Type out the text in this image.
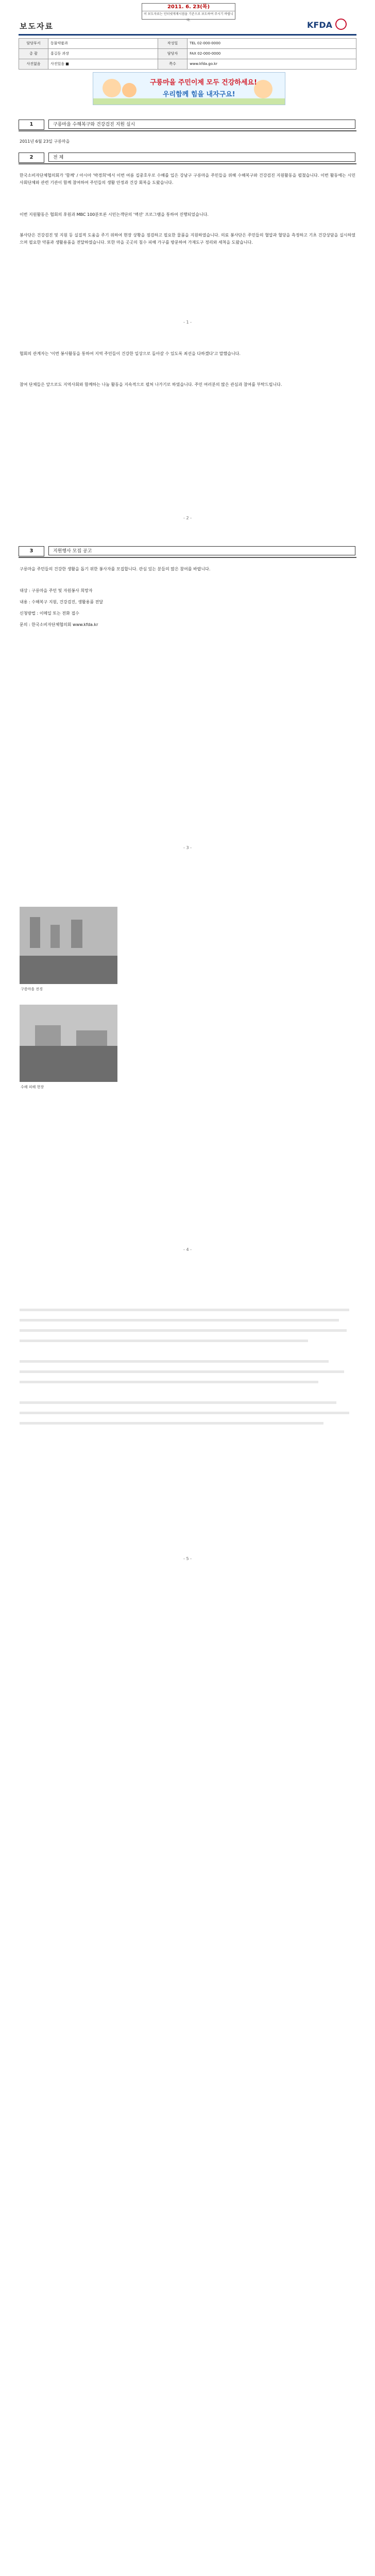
2011. 6. 23(목)
이 보도자료는 인터넷게재시점을 기준으로 보도하여 주시기 바랍니다.
보도자료	KFDA
담당부서	동물약품과	작성일	TEL 02-000-0000
총 괄	홍길동 과장	담당자	FAX 02-000-0000
사진없음	사진있음 ■	쪽수	www.kfda.go.kr
구릉마을 주민이제 모두 건강하세요!
우리함께 힘을 내자구요!
1	구릉마을 수해복구와 건강검진 지원 실시

2011년 6월 23일 구릉마을

2	전 체

한국소비자단체협의회가 '함께' / 아시아 '박경희'에서 이번 여름 집중호우로 수해를 입은 강남구 구릉마을 주민들을 위해 수해복구와 건강검진 지원활동을 펼쳤습니다. 이번 활동에는 시민사회단체와 관련 기관이 함께 참여하여 주민들의 생활 안정과 건강 회복을 도왔습니다.

이번 지원활동은 협회의 후원과 MBC 100분토론 시민논객단의 '액션' 프로그램을 통하여 진행되었습니다.

봉사단은 건강검진 및 지원 등 실질적 도움을 주기 위하여 현장 상황을 점검하고 필요한 물품을 지원하였습니다. 의료 봉사단은 주민들의 혈압과 혈당을 측정하고 기초 건강상담을 실시하였으며 필요한 약품과 생활용품을 전달하였습니다. 또한 마을 곳곳의 침수 피해 가구를 방문하여 가재도구 정리와 세척을 도왔습니다.

- 1 -

협회의 관계자는 '이번 봉사활동을 통하여 지역 주민들이 건강한 일상으로 돌아갈 수 있도록 최선을 다하겠다'고 말했습니다.

참여 단체들은 앞으로도 지역사회와 함께하는 나눔 활동을 지속적으로 펼쳐 나가기로 하였습니다. 주민 여러분의 많은 관심과 참여를 부탁드립니다.

- 2 -
3	지원행사 모집 공고

구릉마을 주민들의 건강한 생활을 돕기 위한 봉사자를 모집합니다. 관심 있는 분들의 많은 참여를 바랍니다.

대상 : 구릉마을 주민 및 자원봉사 희망자

내용 : 수해복구 지원, 건강검진, 생활용품 전달

신청방법 : 이메일 또는 전화 접수

문의 : 한국소비자단체협의회 www.kfda.kr

- 3 -
구릉마을 전경
수해 피해 현장
- 4 -
- 5 -
